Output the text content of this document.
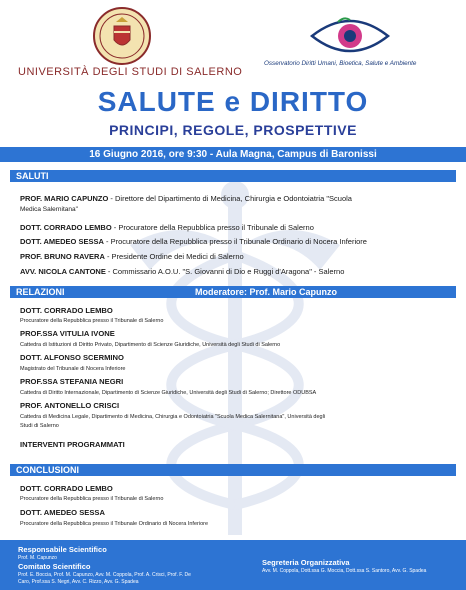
UNIVERSITÀ DEGLI STUDI DI SALERNO
Osservatorio Diritti Umani, Bioetica, Salute e Ambiente
SALUTE e DIRITTO
PRINCIPI, REGOLE, PROSPETTIVE
16 Giugno 2016, ore 9:30 - Aula Magna, Campus di Baronissi
SALUTI
PROF. MARIO CAPUNZO - Direttore del Dipartimento di Medicina, Chirurgia e Odontoiatria "Scuola
Medica Salernitana"
DOTT. CORRADO LEMBO - Procuratore della Repubblica presso il Tribunale di Salerno
DOTT. AMEDEO SESSA - Procuratore della Repubblica presso il Tribunale Ordinario di Nocera Inferiore
PROF. BRUNO RAVERA - Presidente Ordine dei Medici di Salerno
AVV. NICOLA CANTONE - Commissario A.O.U. "S. Giovanni di Dio e Ruggi d'Aragona" - Salerno
RELAZIONI	Moderatore: Prof. Mario Capunzo
DOTT. CORRADO LEMBO
Procuratore della Repubblica presso il Tribunale di Salerno
PROF.SSA VITULIA IVONE
Cattedra di Istituzioni di Diritto Privato, Dipartimento di Scienze Giuridiche, Università degli Studi di Salerno
DOTT. ALFONSO SCERMINO
Magistrato del Tribunale di Nocera Inferiore
PROF.SSA STEFANIA NEGRI
Cattedra di Diritto Internazionale, Dipartimento di Scienze Giuridiche, Università degli Studi di Salerno; Direttore ODUBSA
PROF. ANTONELLO CRISCI
Cattedra di Medicina Legale, Dipartimento di Medicina, Chirurgia e Odontoiatria "Scuola Medica Salernitana", Università degli
Studi di Salerno
INTERVENTI PROGRAMMATI
CONCLUSIONI
DOTT. CORRADO LEMBO
Procuratore della Repubblica presso il Tribunale di Salerno
DOTT. AMEDEO SESSA
Procuratore della Repubblica presso il Tribunale Ordinario di Nocera Inferiore
Responsabile Scientifico
Prof. M. Capunzo
Comitato Scientifico
Prof. E. Boccia, Prof. M. Capunzo, Avv. M. Coppola, Prof. A. Crisci, Prof. F. De
Caro, Prof.ssa S. Negri, Avv. C. Rizzo, Avv. G. Spadea
Segreteria Organizzativa
Avv. M. Coppola, Dott.ssa G. Moccia, Dott.ssa S. Santoro, Avv. G. Spadea
